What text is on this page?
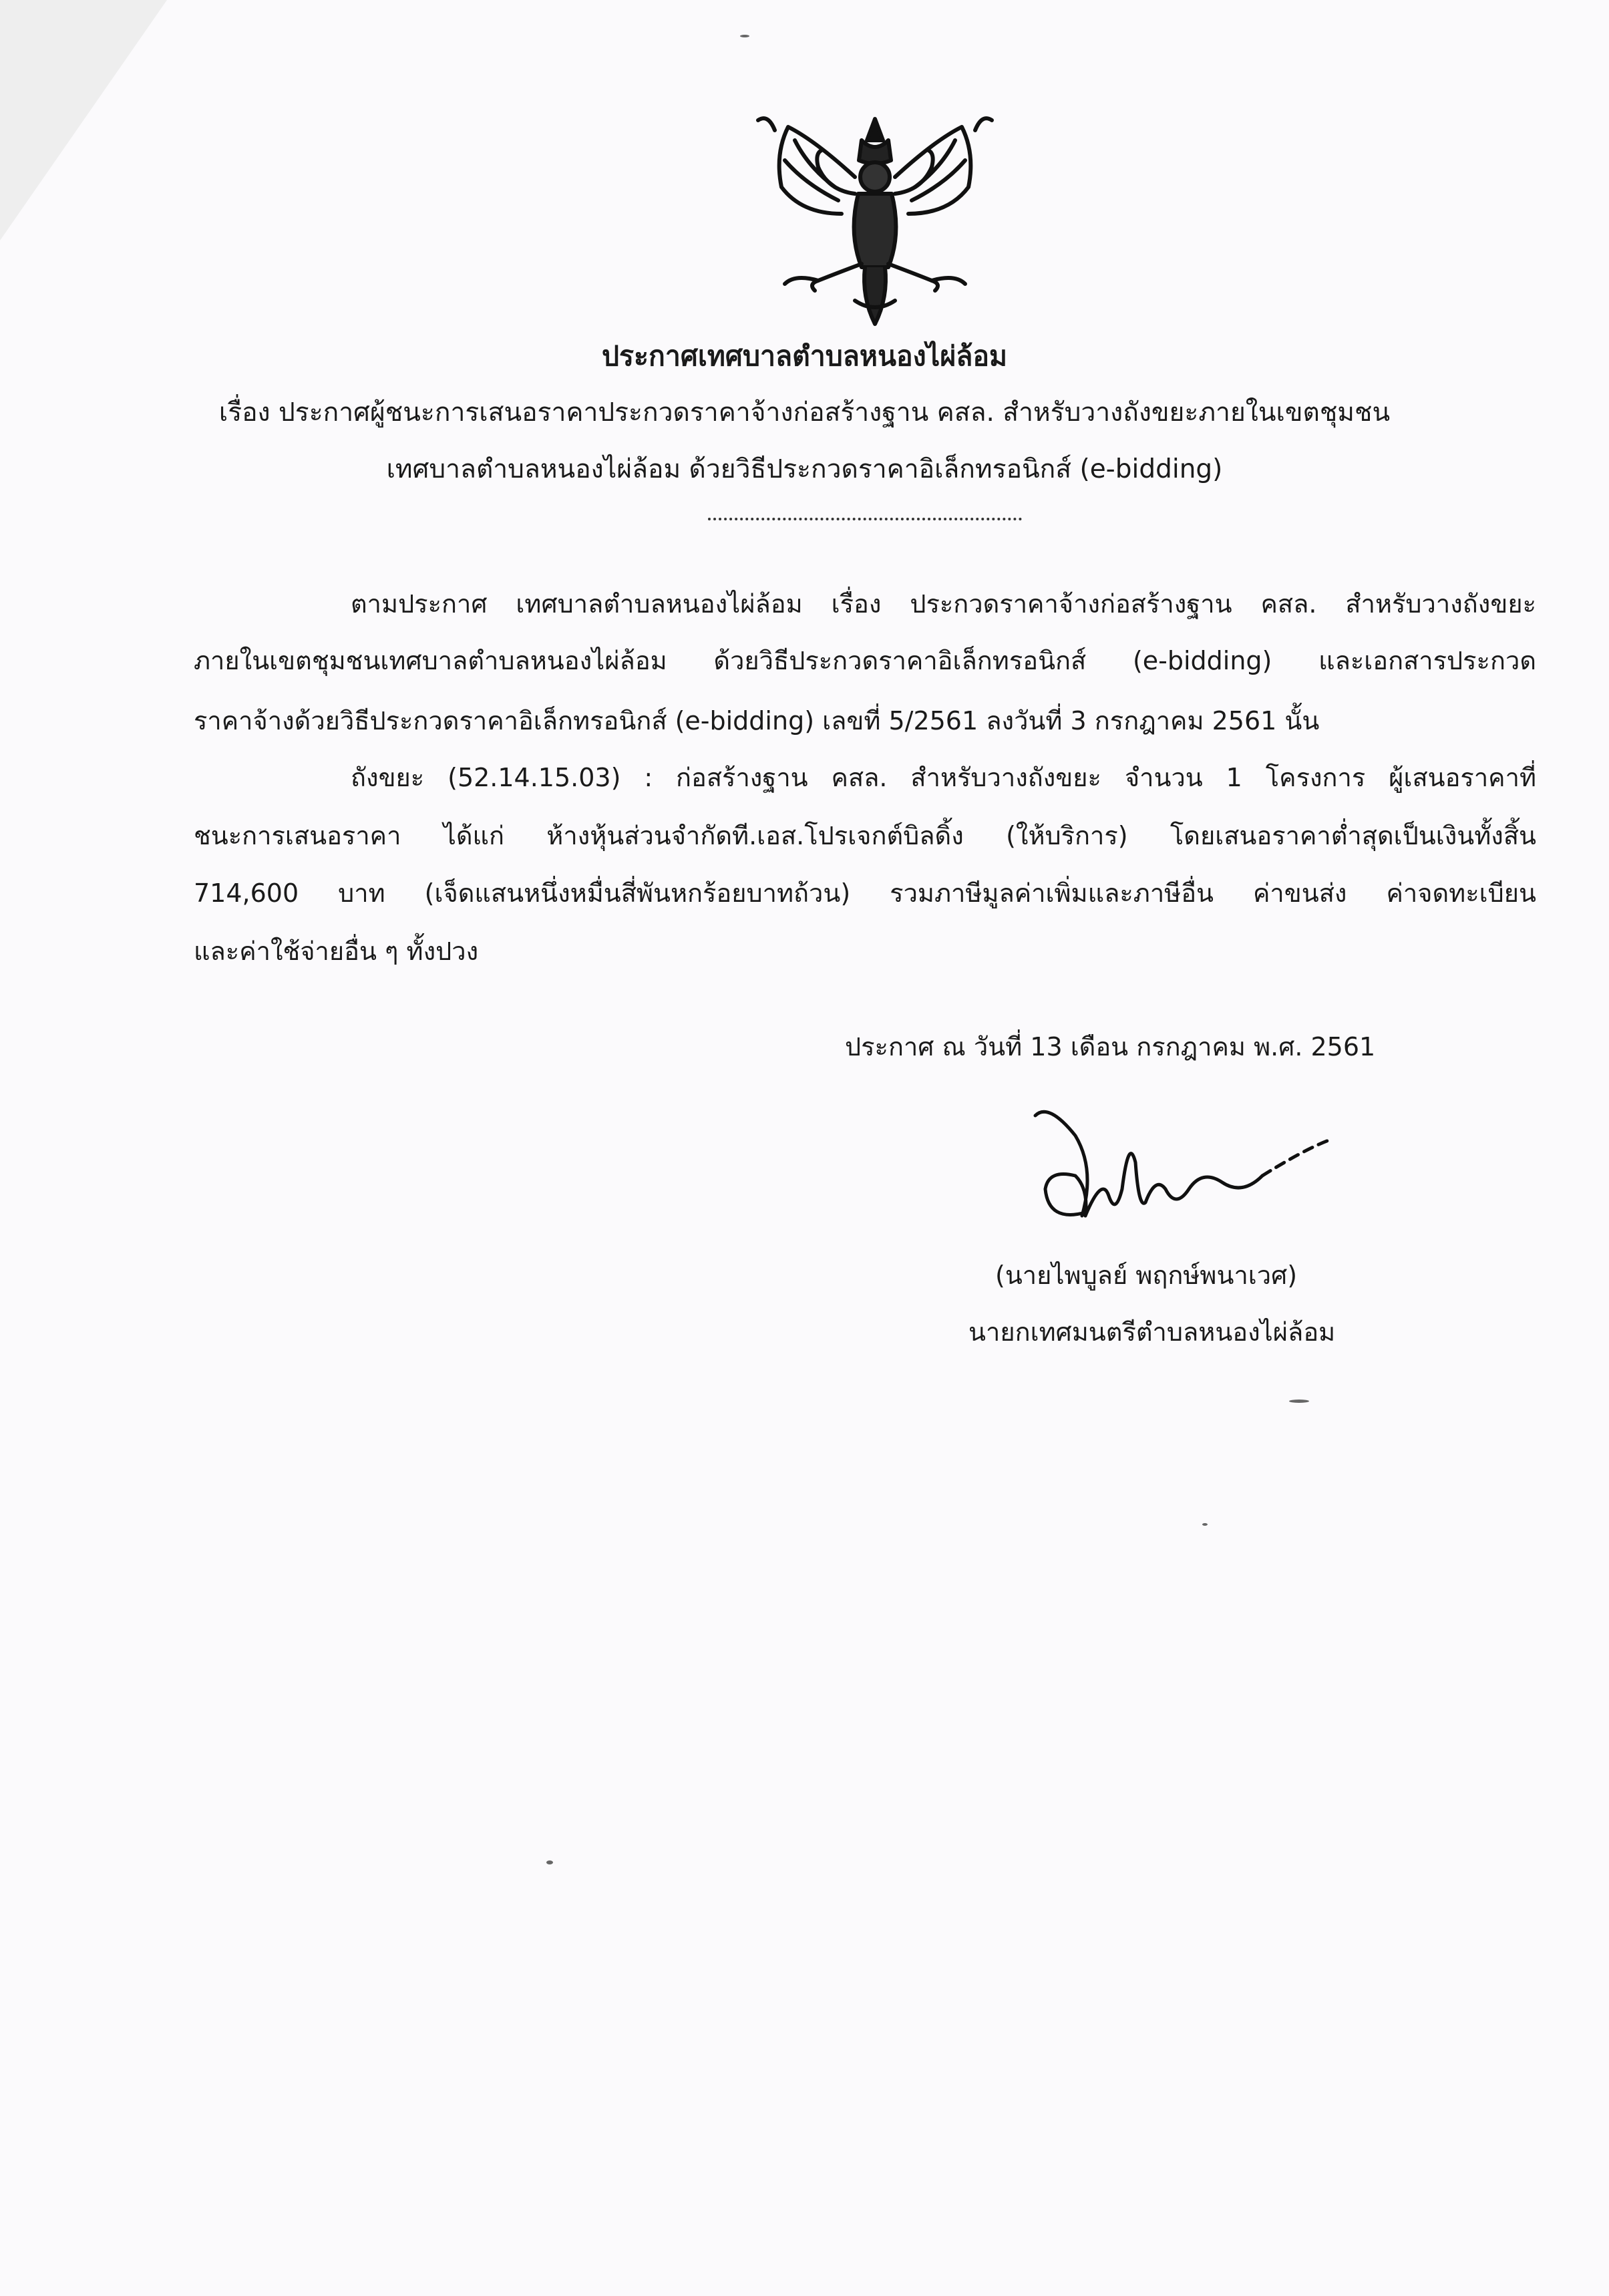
ประกาศเทศบาลตำบลหนองไผ่ล้อม
เรื่อง ประกาศผู้ชนะการเสนอราคาประกวดราคาจ้างก่อสร้างฐาน คสล. สำหรับวางถังขยะภายในเขตชุมชน
เทศบาลตำบลหนองไผ่ล้อม ด้วยวิธีประกวดราคาอิเล็กทรอนิกส์ (e-bidding)
ตามประกาศ เทศบาลตำบลหนองไผ่ล้อม เรื่อง ประกวดราคาจ้างก่อสร้างฐาน คสล. สำหรับวางถังขยะ
ภายในเขตชุมชนเทศบาลตำบลหนองไผ่ล้อม ด้วยวิธีประกวดราคาอิเล็กทรอนิกส์ (e-bidding) และเอกสารประกวด
ราคาจ้างด้วยวิธีประกวดราคาอิเล็กทรอนิกส์ (e-bidding) เลขที่ 5/2561 ลงวันที่ 3 กรกฎาคม 2561 นั้น
ถังขยะ (52.14.15.03) : ก่อสร้างฐาน คสล. สำหรับวางถังขยะ จำนวน 1 โครงการ ผู้เสนอราคาที่
ชนะการเสนอราคา ได้แก่ ห้างหุ้นส่วนจำกัดที.เอส.โปรเจกต์บิลดิ้ง (ให้บริการ) โดยเสนอราคาต่ำสุดเป็นเงินทั้งสิ้น
714,600 บาท (เจ็ดแสนหนึ่งหมื่นสี่พันหกร้อยบาทถ้วน) รวมภาษีมูลค่าเพิ่มและภาษีอื่น ค่าขนส่ง ค่าจดทะเบียน
และค่าใช้จ่ายอื่น ๆ ทั้งปวง
ประกาศ ณ วันที่ 13 เดือน กรกฎาคม พ.ศ. 2561
(นายไพบูลย์ พฤกษ์พนาเวศ)
นายกเทศมนตรีตำบลหนองไผ่ล้อม
